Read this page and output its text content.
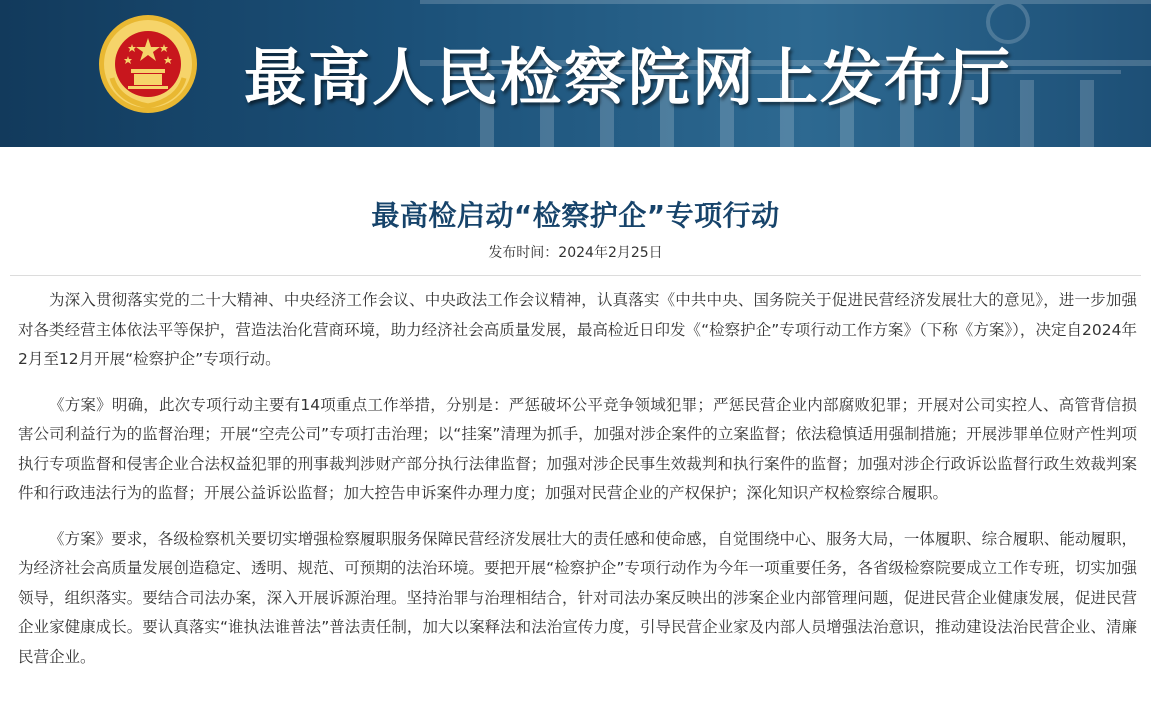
最高人民检察院网上发布厅
最高检启动“检察护企”专项行动
发布时间：2024年2月25日

为深入贯彻落实党的二十大精神、中央经济工作会议、中央政法工作会议精神，认真落实《中共中央、国务院关于促进民营经济发展壮大的意见》，进一步加强对各类经营主体依法平等保护，营造法治化营商环境，助力经济社会高质量发展，最高检近日印发《“检察护企”专项行动工作方案》（下称《方案》），决定自2024年2月至12月开展“检察护企”专项行动。

《方案》明确，此次专项行动主要有14项重点工作举措，分别是：严惩破坏公平竞争领域犯罪；严惩民营企业内部腐败犯罪；开展对公司实控人、高管背信损害公司利益行为的监督治理；开展“空壳公司”专项打击治理；以“挂案”清理为抓手，加强对涉企案件的立案监督；依法稳慎适用强制措施；开展涉罪单位财产性判项执行专项监督和侵害企业合法权益犯罪的刑事裁判涉财产部分执行法律监督；加强对涉企民事生效裁判和执行案件的监督；加强对涉企行政诉讼监督行政生效裁判案件和行政违法行为的监督；开展公益诉讼监督；加大控告申诉案件办理力度；加强对民营企业的产权保护；深化知识产权检察综合履职。

《方案》要求，各级检察机关要切实增强检察履职服务保障民营经济发展壮大的责任感和使命感，自觉围绕中心、服务大局，一体履职、综合履职、能动履职，为经济社会高质量发展创造稳定、透明、规范、可预期的法治环境。要把开展“检察护企”专项行动作为今年一项重要任务，各省级检察院要成立工作专班，切实加强领导，组织落实。要结合司法办案，深入开展诉源治理。坚持治罪与治理相结合，针对司法办案反映出的涉案企业内部管理问题，促进民营企业健康发展，促进民营企业家健康成长。要认真落实“谁执法谁普法”普法责任制，加大以案释法和法治宣传力度，引导民营企业家及内部人员增强法治意识，推动建设法治民营企业、清廉民营企业。
